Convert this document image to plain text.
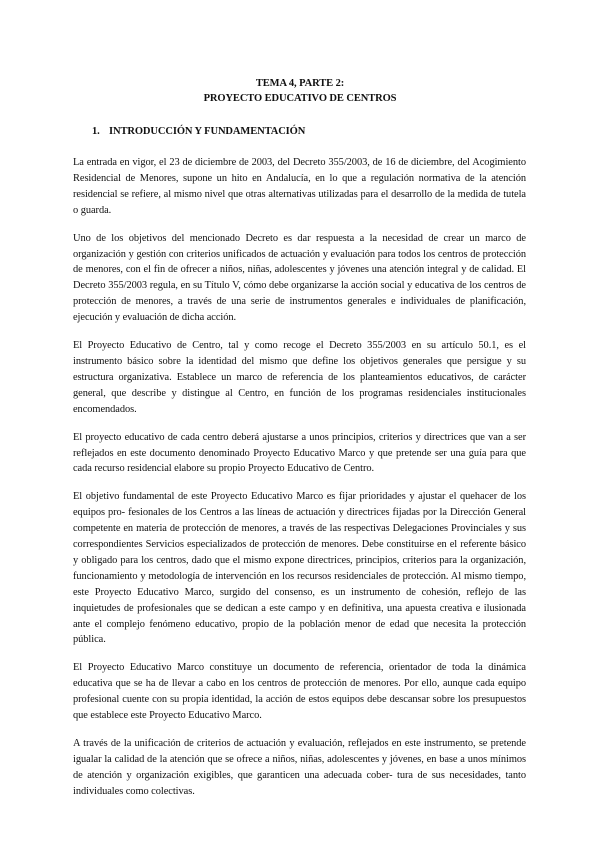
TEMA 4, PARTE 2:
PROYECTO EDUCATIVO DE CENTROS
1. INTRODUCCIÓN Y FUNDAMENTACIÓN

La entrada en vigor, el 23 de diciembre de 2003, del Decreto 355/2003, de 16 de diciembre, del Acogimiento Residencial de Menores, supone un hito en Andalucía, en lo que a regulación normativa de la atención residencial se refiere, al mismo nivel que otras alternativas utilizadas para el desarrollo de la medida de tutela o guarda.

Uno de los objetivos del mencionado Decreto es dar respuesta a la necesidad de crear un marco de organización y gestión con criterios unificados de actuación y evaluación para todos los centros de protección de menores, con el fin de ofrecer a niños, niñas, adolescentes y jóvenes una atención integral y de calidad. El Decreto 355/2003 regula, en su Título V, cómo debe organizarse la acción social y educativa de los centros de protección de menores, a través de una serie de instrumentos generales e individuales de planificación, ejecución y evaluación de dicha acción.

El Proyecto Educativo de Centro, tal y como recoge el Decreto 355/2003 en su artículo 50.1, es el instrumento básico sobre la identidad del mismo que define los objetivos generales que persigue y su estructura organizativa. Establece un marco de referencia de los planteamientos educativos, de carácter general, que describe y distingue al Centro, en función de los programas residenciales institucionales encomendados.

El proyecto educativo de cada centro deberá ajustarse a unos principios, criterios y directrices que van a ser reflejados en este documento denominado Proyecto Educativo Marco y que pretende ser una guía para que cada recurso residencial elabore su propio Proyecto Educativo de Centro.

El objetivo fundamental de este Proyecto Educativo Marco es fijar prioridades y ajustar el quehacer de los equipos pro- fesionales de los Centros a las líneas de actuación y directrices fijadas por la Dirección General competente en materia de protección de menores, a través de las respectivas Delegaciones Provinciales y sus correspondientes Servicios especializados de protección de menores. Debe constituirse en el referente básico y obligado para los centros, dado que el mismo expone directrices, principios, criterios para la organización, funcionamiento y metodología de intervención en los recursos residenciales de protección. Al mismo tiempo, este Proyecto Educativo Marco, surgido del consenso, es un instrumento de cohesión, reflejo de las inquietudes de profesionales que se dedican a este campo y en definitiva, una apuesta creativa e ilusionada ante el complejo fenómeno educativo, propio de la población menor de edad que necesita la protección pública.

El Proyecto Educativo Marco constituye un documento de referencia, orientador de toda la dinámica educativa que se ha de llevar a cabo en los centros de protección de menores. Por ello, aunque cada equipo profesional cuente con su propia identidad, la acción de estos equipos debe descansar sobre los presupuestos que establece este Proyecto Educativo Marco.

A través de la unificación de criterios de actuación y evaluación, reflejados en este instrumento, se pretende igualar la calidad de la atención que se ofrece a niños, niñas, adolescentes y jóvenes, en base a unos mínimos de atención y organización exigibles, que garanticen una adecuada cober- tura de sus necesidades, tanto individuales como colectivas.
